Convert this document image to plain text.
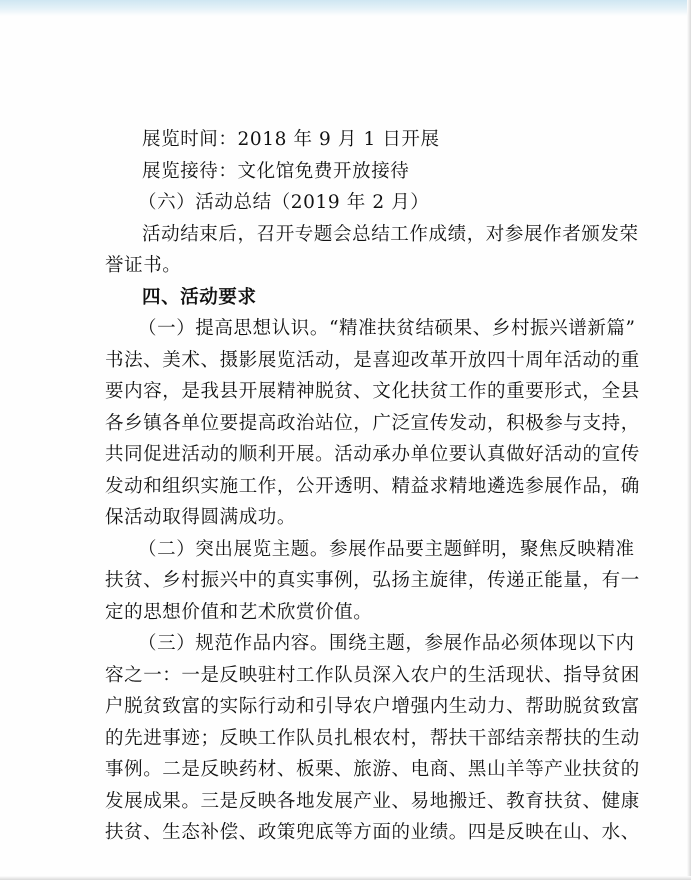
展览时间：2018 年 9 月 1 日开展
展览接待：文化馆免费开放接待
（六）活动总结（2019 年 2 月）
活动结束后，召开专题会总结工作成绩，对参展作者颁发荣
誉证书。
四、活动要求
（一）提高思想认识。“精准扶贫结硕果、乡村振兴谱新篇”
书法、美术、摄影展览活动，是喜迎改革开放四十周年活动的重
要内容，是我县开展精神脱贫、文化扶贫工作的重要形式，全县
各乡镇各单位要提高政治站位，广泛宣传发动，积极参与支持，
共同促进活动的顺利开展。活动承办单位要认真做好活动的宣传
发动和组织实施工作，公开透明、精益求精地遴选参展作品，确
保活动取得圆满成功。
（二）突出展览主题。参展作品要主题鲜明，聚焦反映精准
扶贫、乡村振兴中的真实事例，弘扬主旋律，传递正能量，有一
定的思想价值和艺术欣赏价值。
（三）规范作品内容。围绕主题，参展作品必须体现以下内
容之一：一是反映驻村工作队员深入农户的生活现状、指导贫困
户脱贫致富的实际行动和引导农户增强内生动力、帮助脱贫致富
的先进事迹；反映工作队员扎根农村，帮扶干部结亲帮扶的生动
事例。二是反映药材、板栗、旅游、电商、黑山羊等产业扶贫的
发展成果。三是反映各地发展产业、易地搬迁、教育扶贫、健康
扶贫、生态补偿、政策兜底等方面的业绩。四是反映在山、水、
